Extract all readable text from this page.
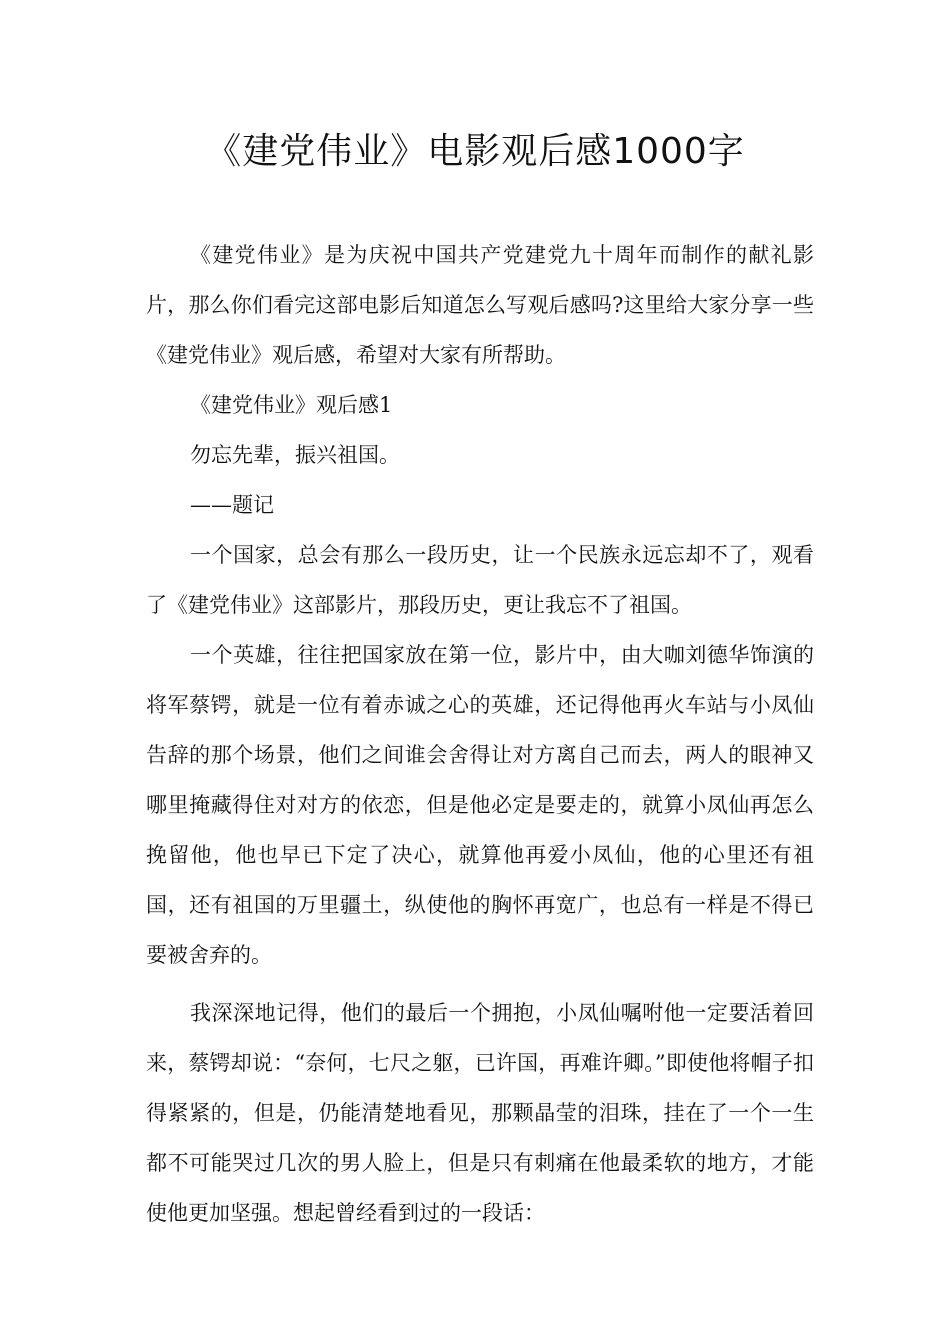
《建党伟业》电影观后感1000字

《建党伟业》是为庆祝中国共产党建党九十周年而制作的献礼影片，那么你们看完这部电影后知道怎么写观后感吗?这里给大家分享一些《建党伟业》观后感，希望对大家有所帮助。

《建党伟业》观后感1

勿忘先辈，振兴祖国。

——题记

一个国家，总会有那么一段历史，让一个民族永远忘却不了，观看了《建党伟业》这部影片，那段历史，更让我忘不了祖国。

一个英雄，往往把国家放在第一位，影片中，由大咖刘德华饰演的将军蔡锷，就是一位有着赤诚之心的英雄，还记得他再火车站与小凤仙告辞的那个场景，他们之间谁会舍得让对方离自己而去，两人的眼神又哪里掩藏得住对对方的依恋，但是他必定是要走的，就算小凤仙再怎么挽留他，他也早已下定了决心，就算他再爱小凤仙，他的心里还有祖国，还有祖国的万里疆土，纵使他的胸怀再宽广，也总有一样是不得已要被舍弃的。

我深深地记得，他们的最后一个拥抱，小凤仙嘱咐他一定要活着回来，蔡锷却说：“奈何，七尺之躯，已许国，再难许卿。”即使他将帽子扣得紧紧的，但是，仍能清楚地看见，那颗晶莹的泪珠，挂在了一个一生都不可能哭过几次的男人脸上，但是只有刺痛在他最柔软的地方，才能使他更加坚强。想起曾经看到过的一段话：
